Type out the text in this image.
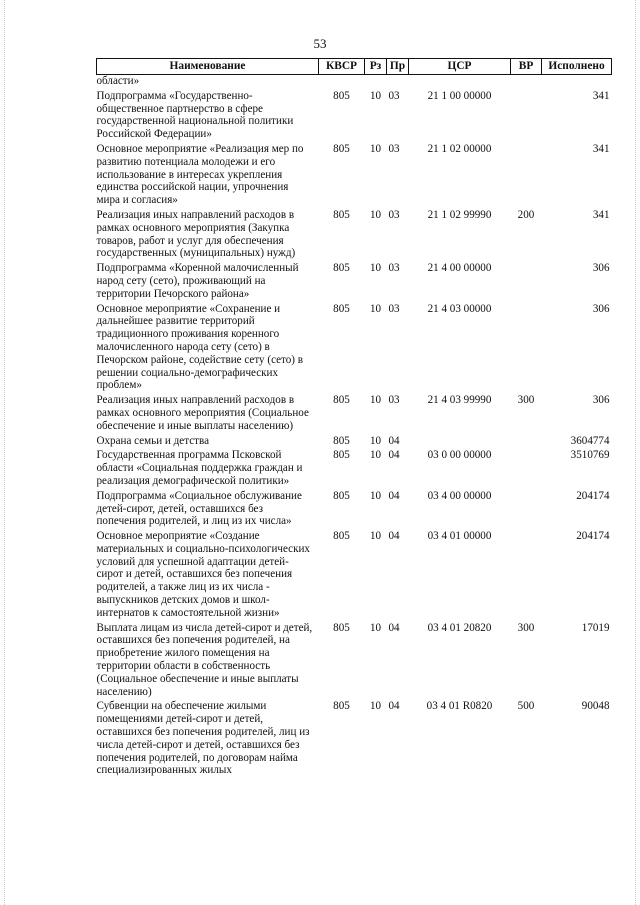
53
Наименование	КВСР	Рз	Пр	ЦСР	ВР	Исполнено
области»						
Подпрограмма «Государственно-общественное партнерство в сфере государственной национальной политики Российской Федерации»	805	10	03	21 1 00 00000		341
Основное мероприятие «Реализация мер по развитию потенциала молодежи и его использование в интересах укрепления единства российской нации, упрочнения мира и согласия»	805	10	03	21 1 02 00000		341
Реализация иных направлений расходов в рамках основного мероприятия (Закупка товаров, работ и услуг для обеспечения государственных (муниципальных) нужд)	805	10	03	21 1 02 99990	200	341
Подпрограмма «Коренной малочисленный народ сету (сето), проживающий на территории Печорского района»	805	10	03	21 4 00 00000		306
Основное мероприятие «Сохранение и дальнейшее развитие территорий традиционного проживания коренного малочисленного народа сету (сето) в Печорском районе, содействие сету (сето) в решении социально-демографических проблем»	805	10	03	21 4 03 00000		306
Реализация иных направлений расходов в рамках основного мероприятия (Социальное обеспечение и иные выплаты населению)	805	10	03	21 4 03 99990	300	306
Охрана семьи и детства	805	10	04			3604774
Государственная программа Псковской области «Социальная поддержка граждан и реализация демографической политики»	805	10	04	03 0 00 00000		3510769
Подпрограмма «Социальное обслуживание детей-сирот, детей, оставшихся без попечения родителей, и лиц из их числа»	805	10	04	03 4 00 00000		204174
Основное мероприятие «Создание материальных и социально-психологических условий для успешной адаптации детей-сирот и детей, оставшихся без попечения родителей, а также лиц из их числа - выпускников детских домов и школ-интернатов к самостоятельной жизни»	805	10	04	03 4 01 00000		204174
Выплата лицам из числа детей-сирот и детей, оставшихся без попечения родителей, на приобретение жилого помещения на территории области в собственность (Социальное обеспечение и иные выплаты населению)	805	10	04	03 4 01 20820	300	17019
Субвенции на обеспечение жилыми помещениями детей-сирот и детей, оставшихся без попечения родителей, лиц из числа детей-сирот и детей, оставшихся без попечения родителей, по договорам найма специализированных жилых	805	10	04	03 4 01 R0820	500	90048
